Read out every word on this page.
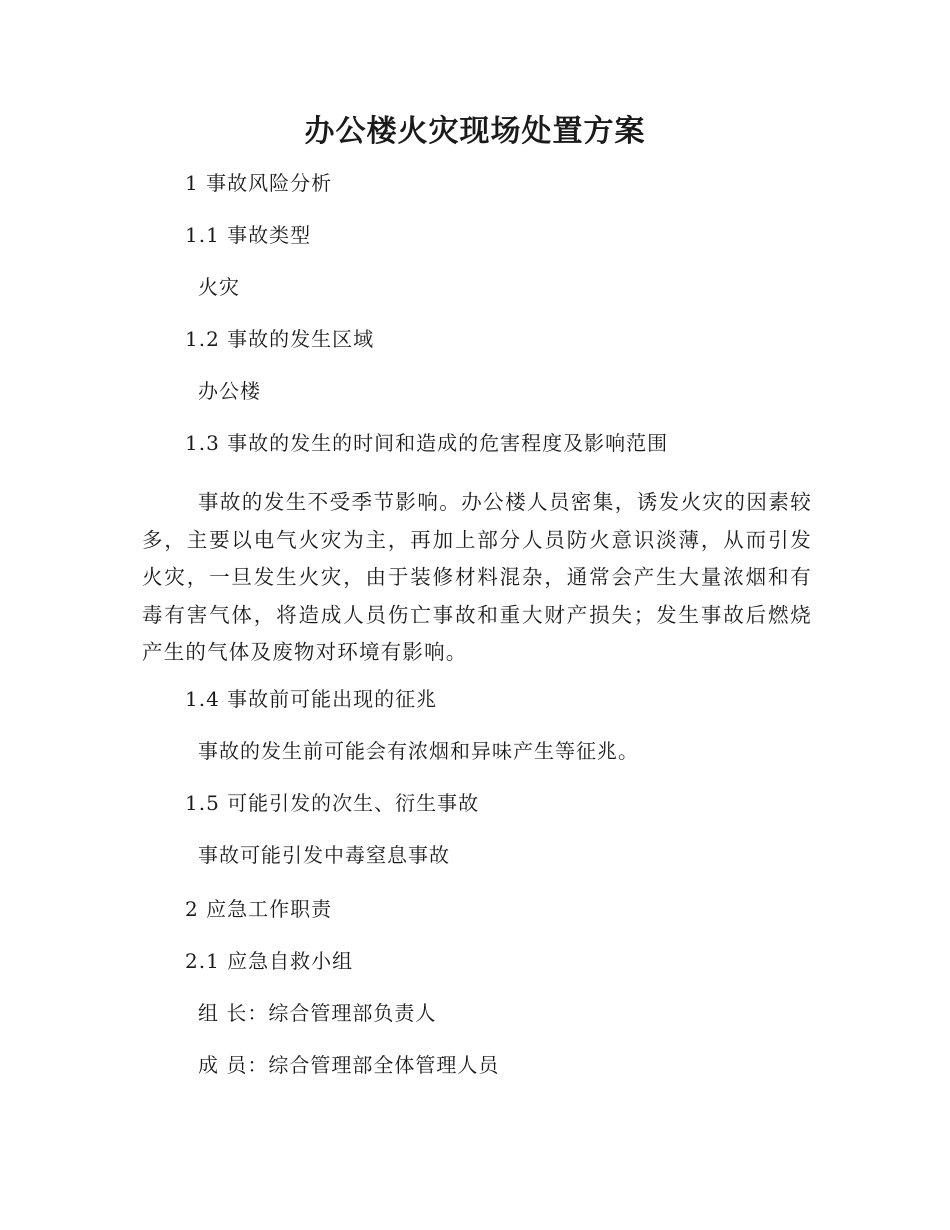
办公楼火灾现场处置方案
1 事故风险分析
1.1 事故类型
火灾
1.2 事故的发生区域
办公楼
1.3 事故的发生的时间和造成的危害程度及影响范围

事故的发生不受季节影响。办公楼人员密集，诱发火灾的因素较多，主要以电气火灾为主，再加上部分人员防火意识淡薄，从而引发火灾，一旦发生火灾，由于装修材料混杂，通常会产生大量浓烟和有毒有害气体，将造成人员伤亡事故和重大财产损失；发生事故后燃烧产生的气体及废物对环境有影响。

1.4 事故前可能出现的征兆
事故的发生前可能会有浓烟和异味产生等征兆。
1.5 可能引发的次生、衍生事故
事故可能引发中毒窒息事故
2 应急工作职责
2.1 应急自救小组
组 长：综合管理部负责人
成 员：综合管理部全体管理人员
